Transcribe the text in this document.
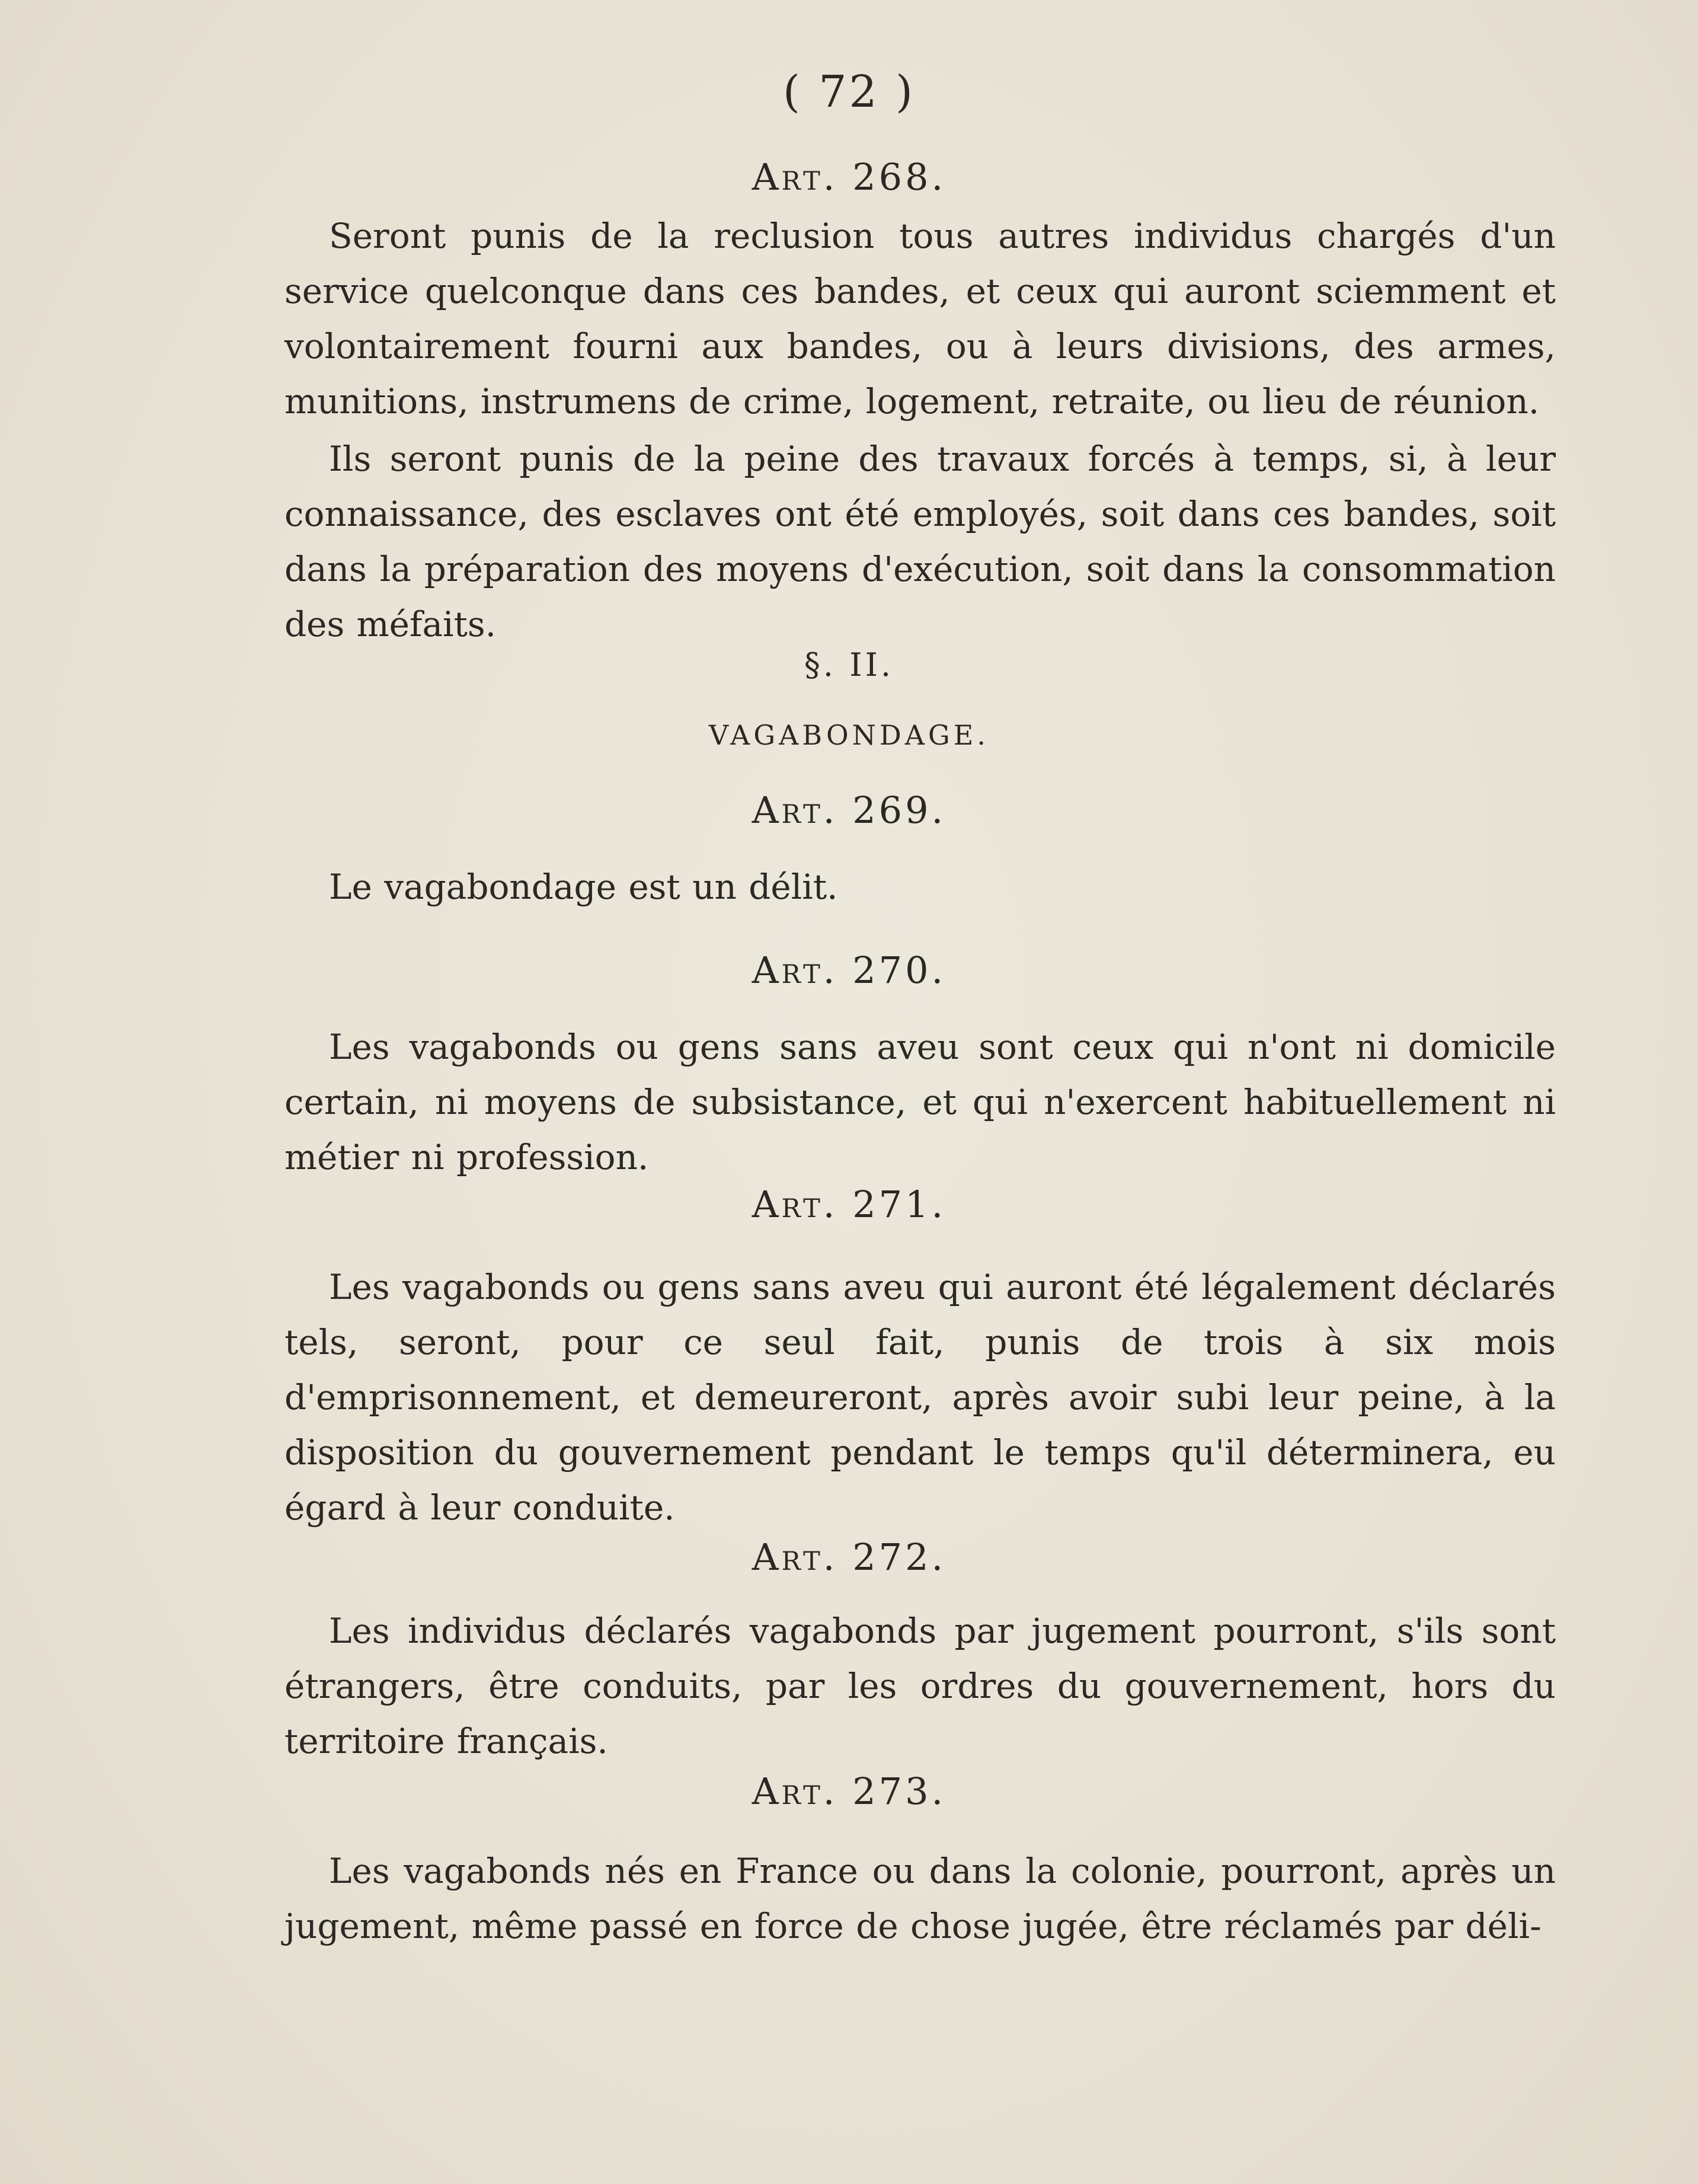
( 72 )
Art. 268.

Seront punis de la reclusion tous autres individus chargés d'un service quelconque dans ces bandes, et ceux qui auront sciemment et volontairement fourni aux bandes, ou à leurs divisions, des armes, munitions, instrumens de crime, logement, retraite, ou lieu de réunion.

Ils seront punis de la peine des travaux forcés à temps, si, à leur connaissance, des esclaves ont été employés, soit dans ces bandes, soit dans la préparation des moyens d'exécution, soit dans la consommation des méfaits.

§. II.
VAGABONDAGE.
Art. 269.

Le vagabondage est un délit.

Art. 270.

Les vagabonds ou gens sans aveu sont ceux qui n'ont ni domicile certain, ni moyens de subsistance, et qui n'exercent habituellement ni métier ni profession.

Art. 271.

Les vagabonds ou gens sans aveu qui auront été légalement déclarés tels, seront, pour ce seul fait, punis de trois à six mois d'emprisonnement, et demeureront, après avoir subi leur peine, à la disposition du gouvernement pendant le temps qu'il déterminera, eu égard à leur conduite.

Art. 272.

Les individus déclarés vagabonds par jugement pourront, s'ils sont étrangers, être conduits, par les ordres du gouvernement, hors du territoire français.

Art. 273.

Les vagabonds nés en France ou dans la colonie, pourront, après un jugement, même passé en force de chose jugée, être réclamés par déli-
